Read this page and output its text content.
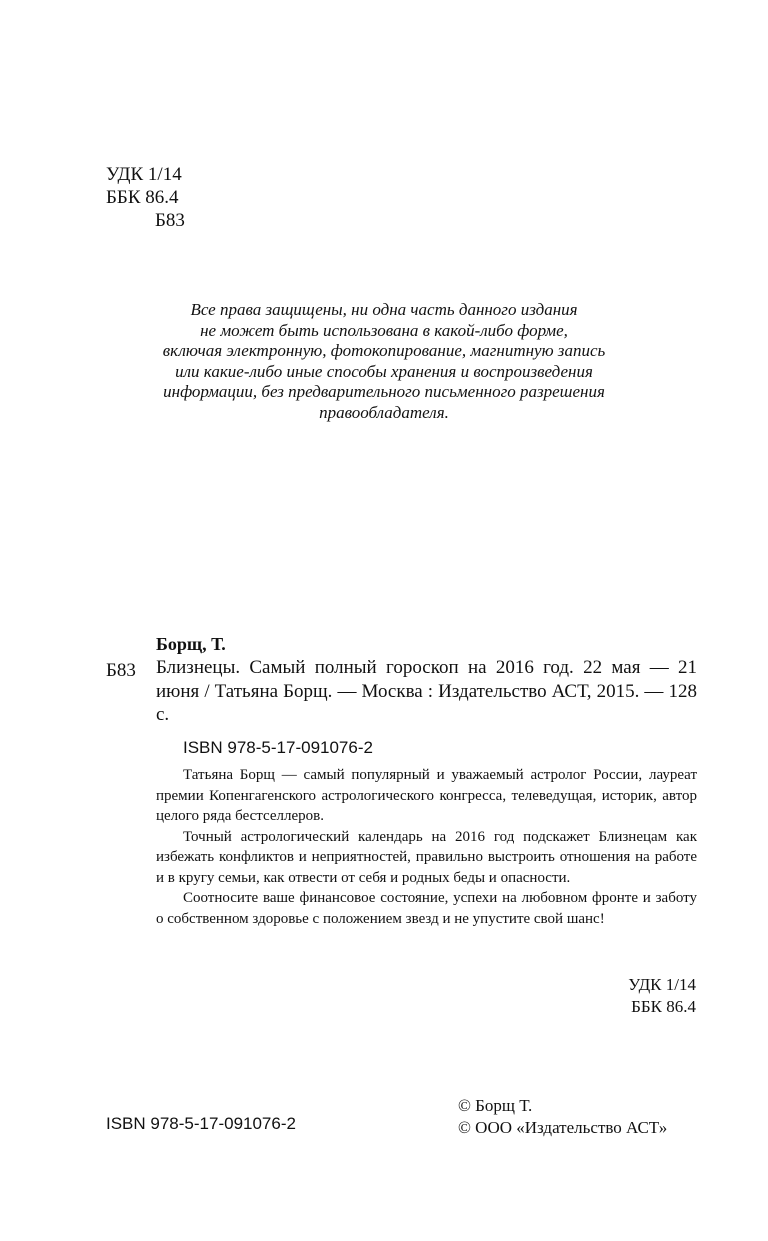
УДК 1/14
ББК 86.4
Б83
Все права защищены, ни одна часть данного издания
не может быть использована в какой-либо форме,
включая электронную, фотокопирование, магнитную запись
или какие-либо иные способы хранения и воспроизведения
информации, без предварительного письменного разрешения
правообладателя.
Борщ, Т.
Б83 Близнецы. Самый полный гороскоп на 2016 год. 22 мая — 21 июня / Татьяна Борщ. — Москва : Издательство АСТ, 2015. — 128 с.

ISBN 978-5-17-091076-2

Татьяна Борщ — самый популярный и уважаемый астролог России, лауреат премии Копенгагенского астрологического конгресса, телеведущая, историк, автор целого ряда бестселлеров.

Точный астрологический календарь на 2016 год подскажет Близнецам как избежать конфликтов и неприятностей, правильно выстроить отношения на работе и в кругу семьи, как отвести от себя и родных беды и опасности.

Соотносите ваше финансовое состояние, успехи на любовном фронте и заботу о собственном здоровье с положением звезд и не упустите свой шанс!

УДК 1/14
ББК 86.4
ISBN 978-5-17-091076-2
© Борщ Т.
© ООО «Издательство АСТ»
